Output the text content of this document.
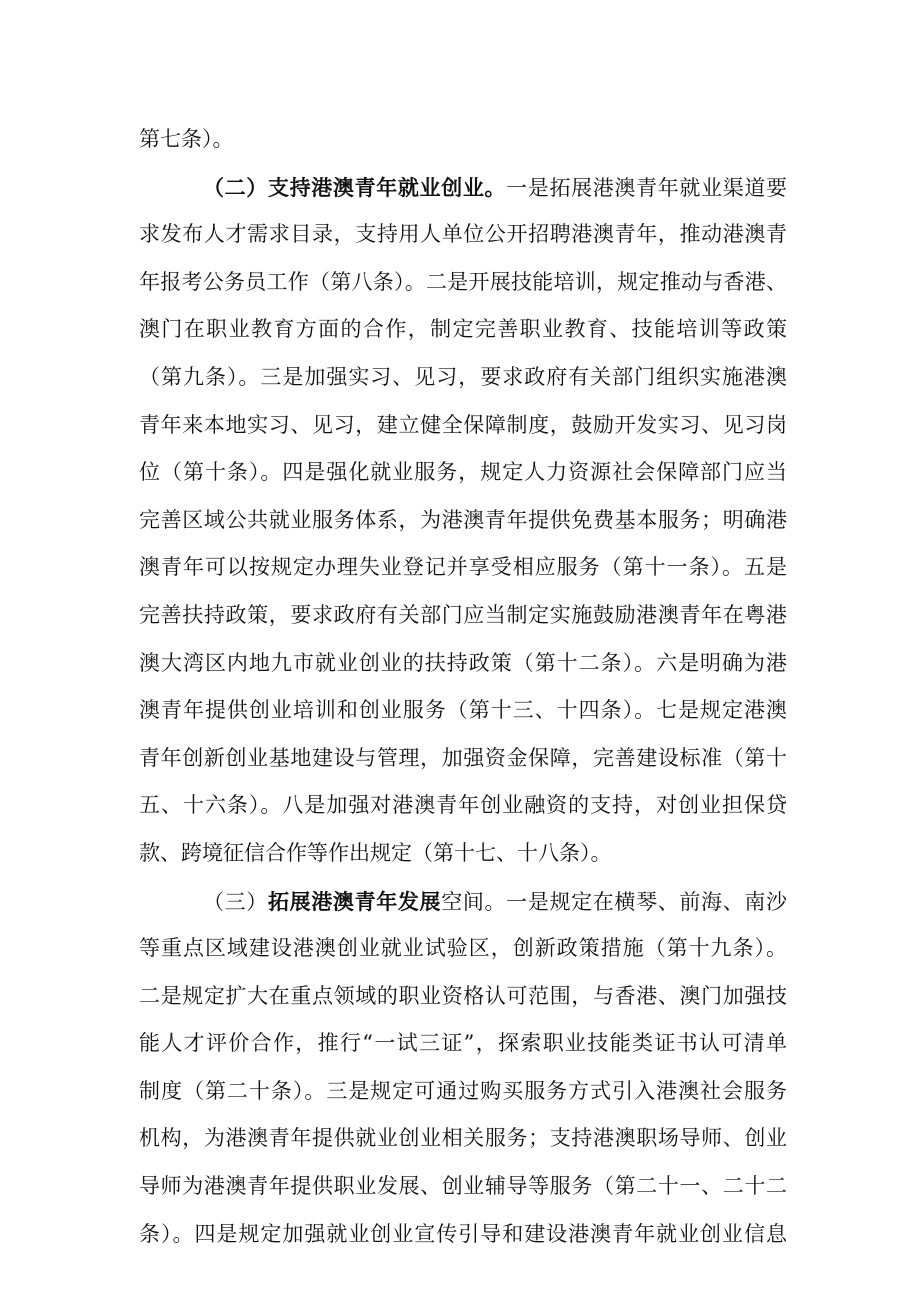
第七条）。
（二）支持港澳青年就业创业。一是拓展港澳青年就业渠道要
求发布人才需求目录，支持用人单位公开招聘港澳青年，推动港澳青
年报考公务员工作（第八条）。二是开展技能培训，规定推动与香港、
澳门在职业教育方面的合作，制定完善职业教育、技能培训等政策
（第九条）。三是加强实习、见习，要求政府有关部门组织实施港澳
青年来本地实习、见习，建立健全保障制度，鼓励开发实习、见习岗
位（第十条）。四是强化就业服务，规定人力资源社会保障部门应当
完善区域公共就业服务体系，为港澳青年提供免费基本服务；明确港
澳青年可以按规定办理失业登记并享受相应服务（第十一条）。五是
完善扶持政策，要求政府有关部门应当制定实施鼓励港澳青年在粤港
澳大湾区内地九市就业创业的扶持政策（第十二条）。六是明确为港
澳青年提供创业培训和创业服务（第十三、十四条）。七是规定港澳
青年创新创业基地建设与管理，加强资金保障，完善建设标准（第十
五、十六条）。八是加强对港澳青年创业融资的支持，对创业担保贷
款、跨境征信合作等作出规定（第十七、十八条）。
（三）拓展港澳青年发展空间。一是规定在横琴、前海、南沙
等重点区域建设港澳创业就业试验区，创新政策措施（第十九条）。
二是规定扩大在重点领域的职业资格认可范围，与香港、澳门加强技
能人才评价合作，推行“一试三证”，探索职业技能类证书认可清单
制度（第二十条）。三是规定可通过购买服务方式引入港澳社会服务
机构，为港澳青年提供就业创业相关服务；支持港澳职场导师、创业
导师为港澳青年提供职业发展、创业辅导等服务（第二十一、二十二
条）。四是规定加强就业创业宣传引导和建设港澳青年就业创业信息
